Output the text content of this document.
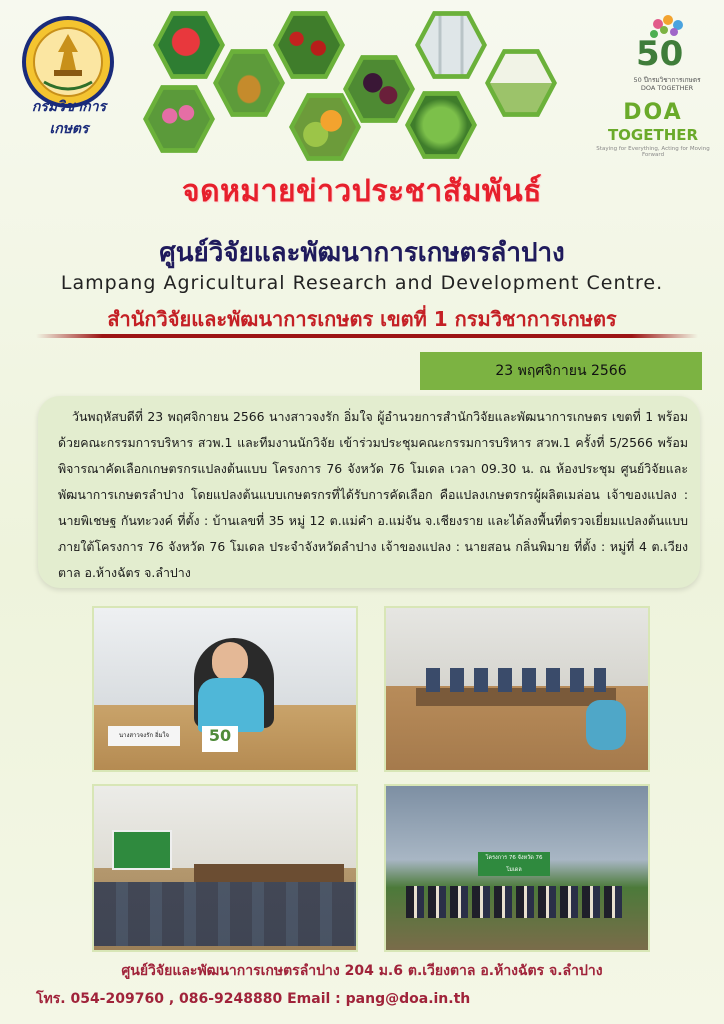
กรมวิชาการเกษตร
50
50 ปีกรมวิชาการเกษตร DOA TOGETHER
DOA
TOGETHER
Staying for Everything, Acting for Moving Forward
จดหมายข่าวประชาสัมพันธ์
ศูนย์วิจัยและพัฒนาการเกษตรลำปาง
Lampang Agricultural Research and Development Centre.
สำนักวิจัยและพัฒนาการเกษตร เขตที่ 1 กรมวิชาการเกษตร
23 พฤศจิกายน 2566
วันพฤหัสบดีที่ 23 พฤศจิกายน 2566 นางสาวจงรัก อิ่มใจ ผู้อำนวยการสำนักวิจัยและพัฒนาการเกษตร เขตที่ 1 พร้อมด้วยคณะกรรมการบริหาร สวพ.1 และทีมงานนักวิจัย เข้าร่วมประชุมคณะกรรมการบริหาร สวพ.1 ครั้งที่ 5/2566 พร้อมพิจารณาคัดเลือกเกษตรกรแปลงต้นแบบ โครงการ 76 จังหวัด 76 โมเดล เวลา 09.30 น. ณ ห้องประชุม ศูนย์วิจัยและพัฒนาการเกษตรลำปาง โดยแปลงต้นแบบเกษตรกรที่ได้รับการคัดเลือก คือแปลงเกษตรกรผู้ผลิตเมล่อน เจ้าของแปลง : นายพิเชษฐ กันทะวงค์ ที่ตั้ง : บ้านเลขที่ 35 หมู่ 12 ต.แม่คำ อ.แม่จัน จ.เชียงราย และได้ลงพื้นที่ตรวจเยี่ยมแปลงต้นแบบภายใต้โครงการ 76 จังหวัด 76 โมเดล ประจำจังหวัดลำปาง เจ้าของแปลง : นายสอน กลิ่นพิมาย ที่ตั้ง : หมู่ที่ 4 ต.เวียงตาล อ.ห้างฉัตร จ.ลำปาง
นางสาวจงรัก อิ่มใจ	50
โครงการ 76 จังหวัด 76 โมเดล
ศูนย์วิจัยและพัฒนาการเกษตรลำปาง 204 ม.6 ต.เวียงตาล อ.ห้างฉัตร จ.ลำปาง
โทร. 054-209760 , 086-9248880 Email : pang@doa.in.th
